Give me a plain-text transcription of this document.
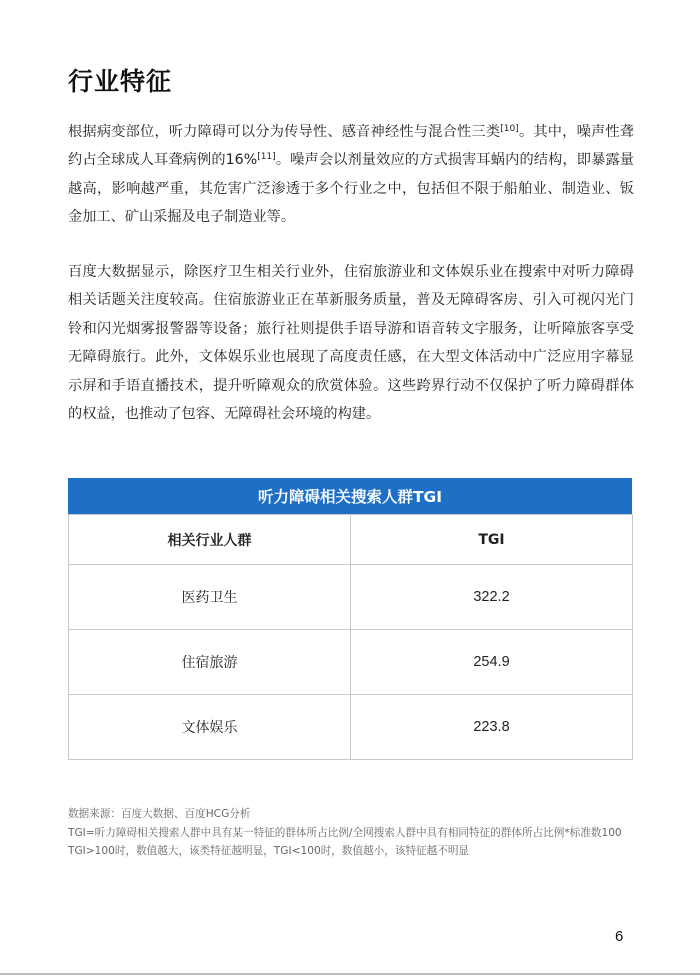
行业特征

根据病变部位，听力障碍可以分为传导性、感音神经性与混合性三类[10]。其中，噪声性聋约占全球成人耳聋病例的16%[11]。噪声会以剂量效应的方式损害耳蜗内的结构，即暴露量越高，影响越严重，其危害广泛渗透于多个行业之中，包括但不限于船舶业、制造业、钣金加工、矿山采掘及电子制造业等。

百度大数据显示，除医疗卫生相关行业外，住宿旅游业和文体娱乐业在搜索中对听力障碍相关话题关注度较高。住宿旅游业正在革新服务质量，普及无障碍客房、引入可视闪光门铃和闪光烟雾报警器等设备；旅行社则提供手语导游和语音转文字服务，让听障旅客享受无障碍旅行。此外，文体娱乐业也展现了高度责任感，在大型文体活动中广泛应用字幕显示屏和手语直播技术，提升听障观众的欣赏体验。这些跨界行动不仅保护了听力障碍群体的权益，也推动了包容、无障碍社会环境的构建。

听力障碍相关搜索人群TGI
相关行业人群	TGI
医药卫生	322.2
住宿旅游	254.9
文体娱乐	223.8
数据来源：百度大数据、百度HCG分析
TGI=听力障碍相关搜索人群中具有某一特征的群体所占比例/全网搜索人群中具有相同特征的群体所占比例*标准数100
TGI>100时，数值越大，该类特征越明显，TGI<100时，数值越小，该特征越不明显
6
